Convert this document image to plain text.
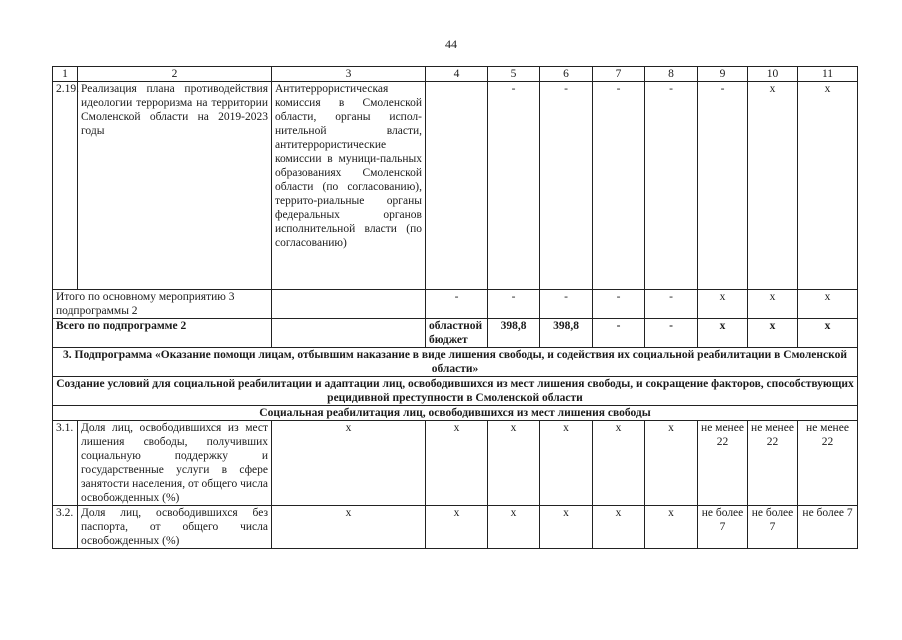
44
1	2	3	4	5	6	7	8	9	10	11
2.19.	Реализация плана противодействия идеологии терроризма на территории Смоленской области на 2019-2023 годы	Антитеррористическая комиссия в Смоленской области, органы испол-нительной власти, антитеррористические комиссии в муници-пальных образованиях Смоленской области (по согласованию), террито-риальные органы федеральных органов исполнительной власти (по согласованию)		-	-	-	-	-	x	x
Итого по основному мероприятию 3 подпрограммы 2			-	-	-	-	-	x	x	x
Всего по подпрограмме 2			областной бюджет	398,8	398,8	-	-	x	x	x
3. Подпрограмма «Оказание помощи лицам, отбывшим наказание в виде лишения свободы, и содействия их социальной реабилитации в Смоленской области»										
Создание условий для социальной реабилитации и адаптации лиц, освободившихся из мест лишения свободы, и сокращение факторов, способствующих рецидивной преступности в Смоленской области										
Социальная реабилитация лиц, освободившихся из мест лишения свободы										
3.1.	Доля лиц, освободившихся из мест лишения свободы, получивших социальную поддержку и государственные услуги в сфере занятости населения, от общего числа освобожденных (%)	x	x	x	x	x	x	не менее 22	не менее 22	не менее 22
3.2.	Доля лиц, освободившихся без паспорта, от общего числа освобожденных (%)	x	x	x	x	x	x	не более 7	не более 7	не более 7
